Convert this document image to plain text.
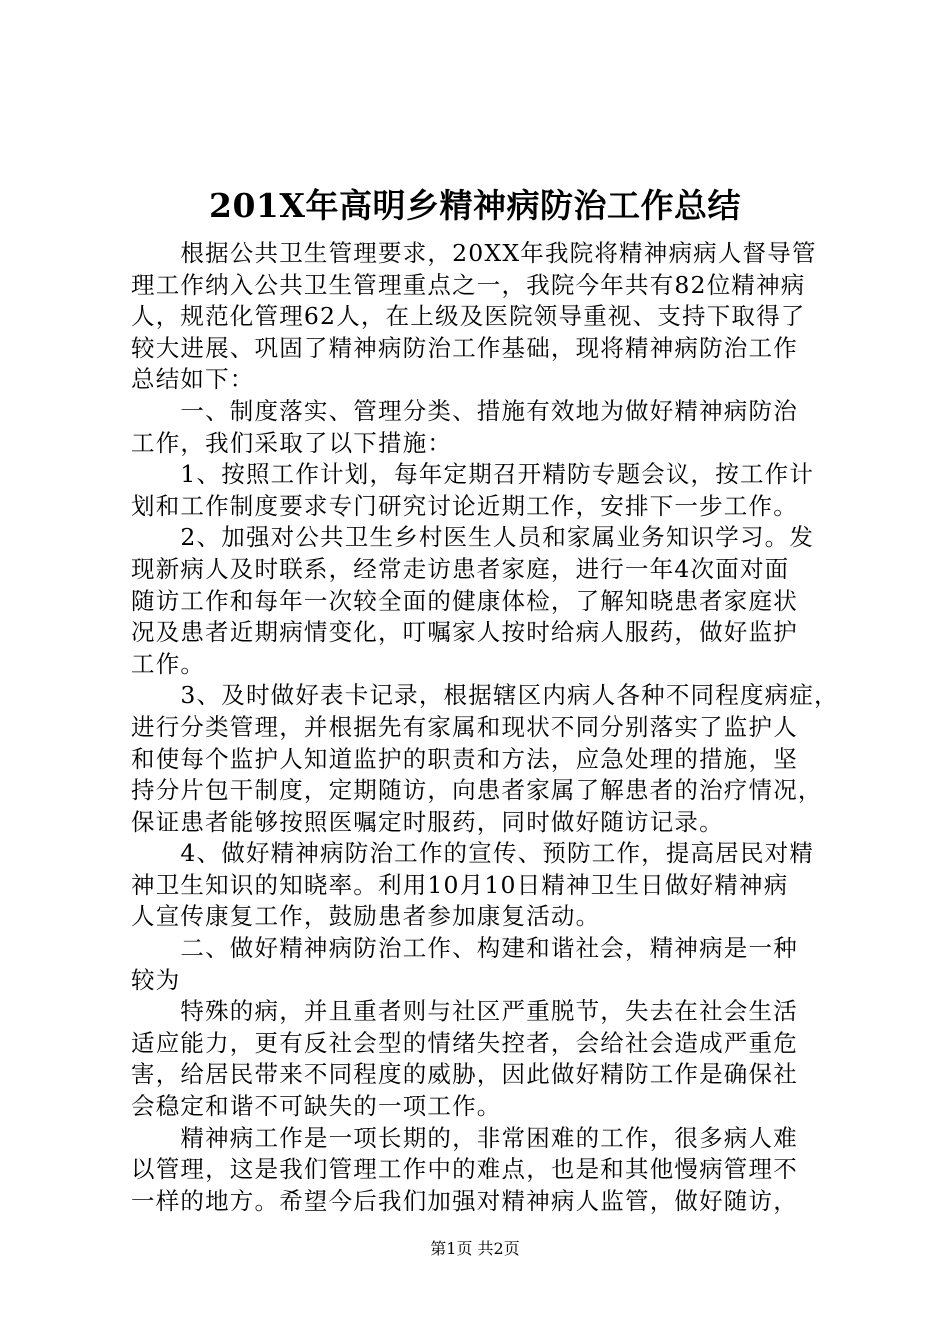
201X年高明乡精神病防治工作总结
　　根据公共卫生管理要求，20XX年我院将精神病病人督导管
理工作纳入公共卫生管理重点之一，我院今年共有82位精神病
人，规范化管理62人，在上级及医院领导重视、支持下取得了
较大进展、巩固了精神病防治工作基础，现将精神病防治工作
总结如下：
　　一、制度落实、管理分类、措施有效地为做好精神病防治
工作，我们采取了以下措施：
　　1、按照工作计划，每年定期召开精防专题会议，按工作计
划和工作制度要求专门研究讨论近期工作，安排下一步工作。
　　2、加强对公共卫生乡村医生人员和家属业务知识学习。发
现新病人及时联系，经常走访患者家庭，进行一年4次面对面
随访工作和每年一次较全面的健康体检，了解知晓患者家庭状
况及患者近期病情变化，叮嘱家人按时给病人服药，做好监护
工作。
　　3、及时做好表卡记录，根据辖区内病人各种不同程度病症，
进行分类管理，并根据先有家属和现状不同分别落实了监护人
和使每个监护人知道监护的职责和方法，应急处理的措施，坚
持分片包干制度，定期随访，向患者家属了解患者的治疗情况，
保证患者能够按照医嘱定时服药，同时做好随访记录。
　　4、做好精神病防治工作的宣传、预防工作，提高居民对精
神卫生知识的知晓率。利用10月10日精神卫生日做好精神病
人宣传康复工作，鼓励患者参加康复活动。
　　二、做好精神病防治工作、构建和谐社会，精神病是一种
较为
　　特殊的病，并且重者则与社区严重脱节，失去在社会生活
适应能力，更有反社会型的情绪失控者，会给社会造成严重危
害，给居民带来不同程度的威胁，因此做好精防工作是确保社
会稳定和谐不可缺失的一项工作。
　　精神病工作是一项长期的，非常困难的工作，很多病人难
以管理，这是我们管理工作中的难点，也是和其他慢病管理不
一样的地方。希望今后我们加强对精神病人监管，做好随访，
第1页 共2页
